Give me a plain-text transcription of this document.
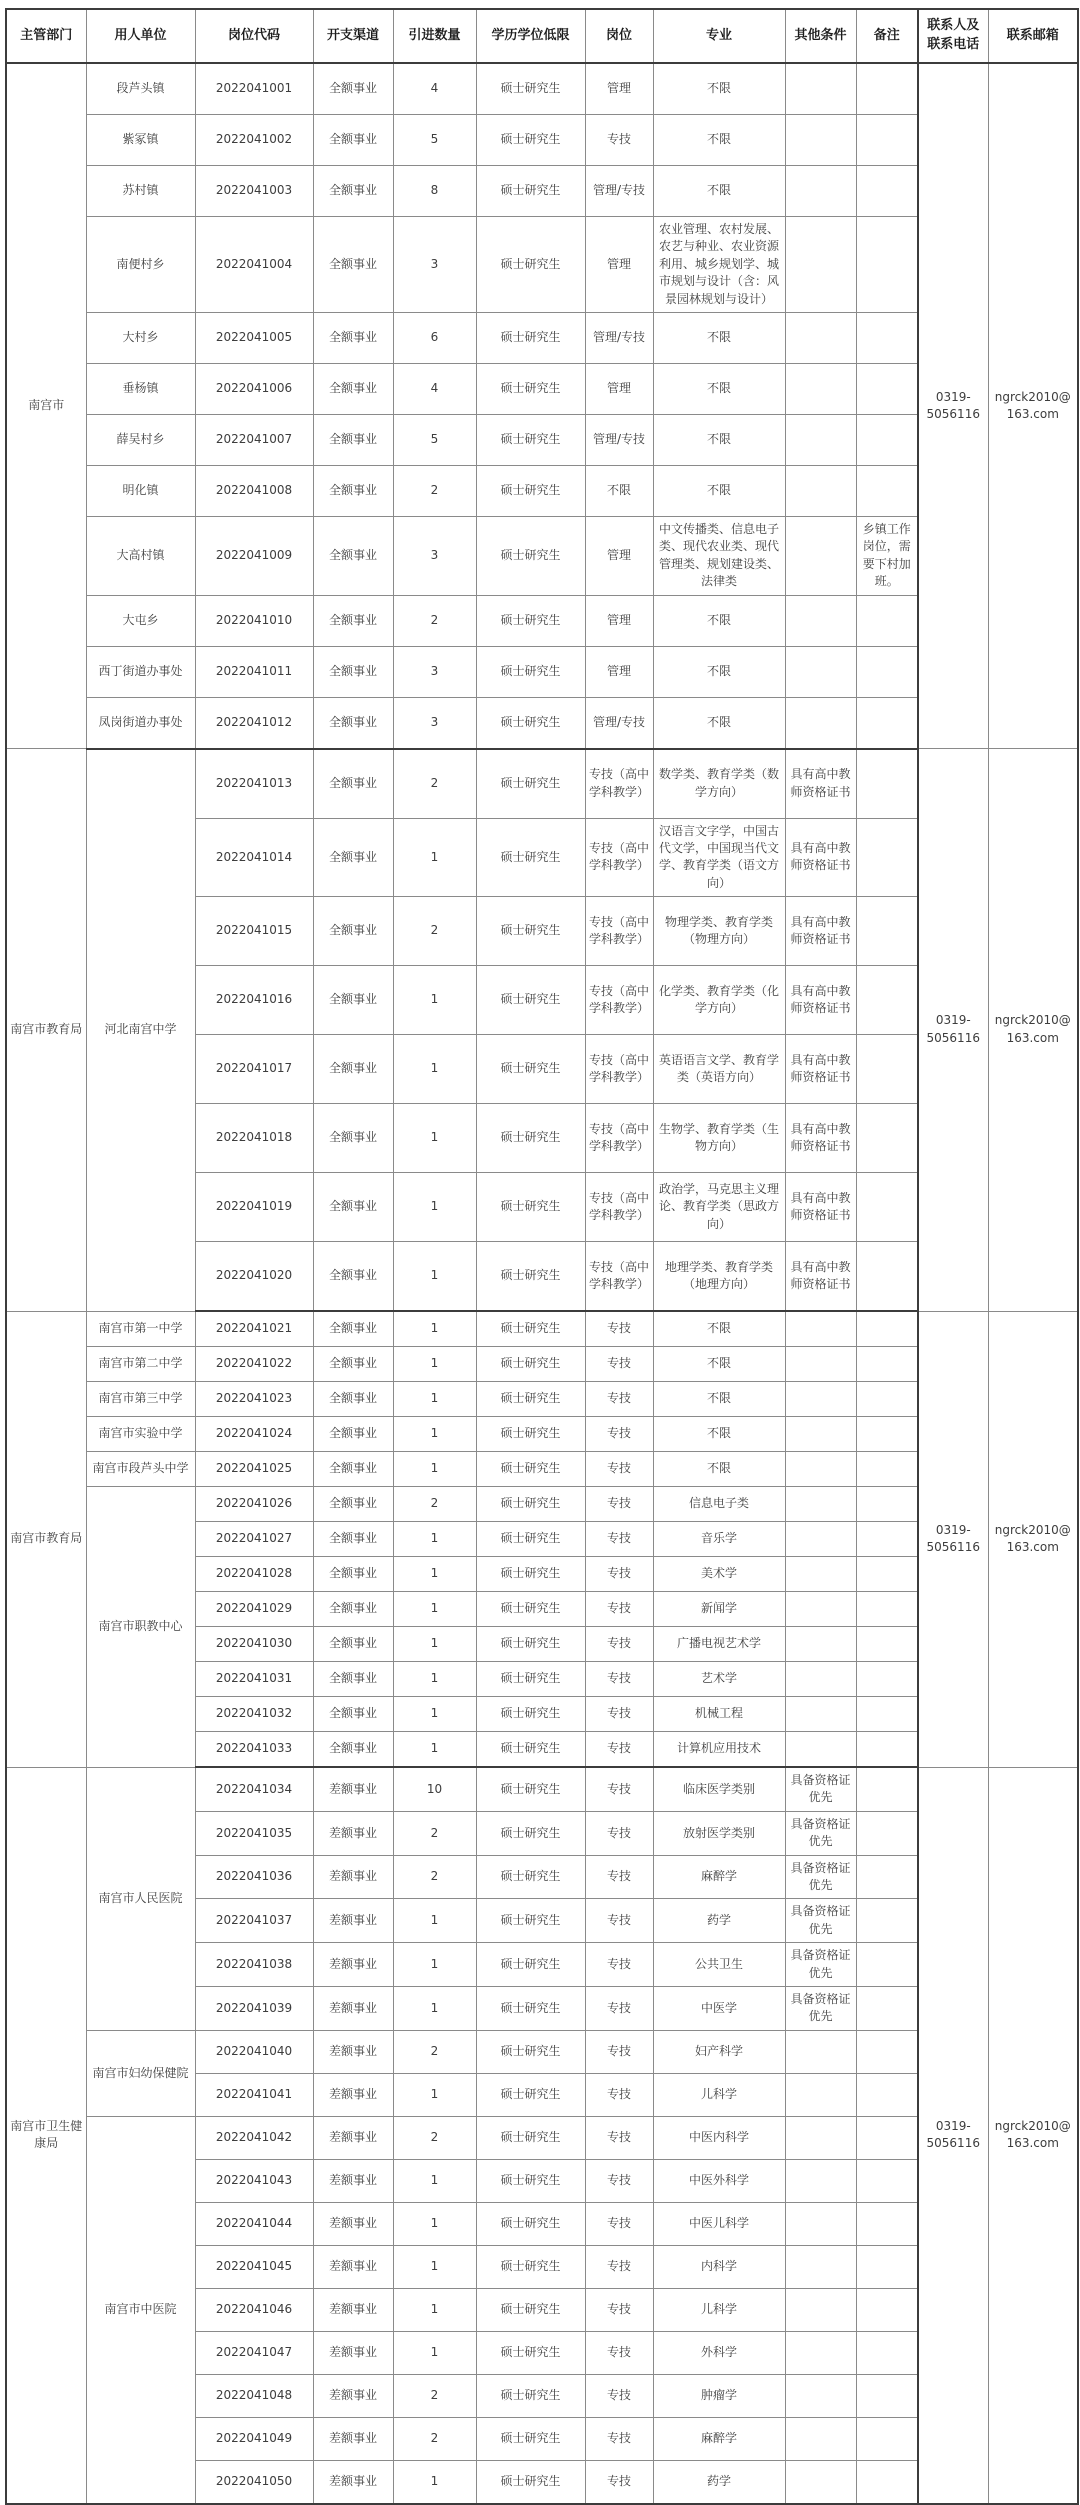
主管部门	用人单位	岗位代码	开支渠道	引进数量	学历学位低限	岗位	专业	其他条件	备注	联系人及联系电话	联系邮箱
南宫市	段芦头镇	2022041001	全额事业	4	硕士研究生	管理	不限			0319-5056116	ngrck2010@163.com
	紫冢镇	2022041002	全额事业	5	硕士研究生	专技	不限				
	苏村镇	2022041003	全额事业	8	硕士研究生	管理/专技	不限				
	南便村乡	2022041004	全额事业	3	硕士研究生	管理	农业管理、农村发展、农艺与种业、农业资源利用、城乡规划学、城市规划与设计（含：风景园林规划与设计）				
	大村乡	2022041005	全额事业	6	硕士研究生	管理/专技	不限				
	垂杨镇	2022041006	全额事业	4	硕士研究生	管理	不限				
	薛吴村乡	2022041007	全额事业	5	硕士研究生	管理/专技	不限				
	明化镇	2022041008	全额事业	2	硕士研究生	不限	不限				
	大高村镇	2022041009	全额事业	3	硕士研究生	管理	中文传播类、信息电子类、现代农业类、现代管理类、规划建设类、法律类		乡镇工作岗位，需要下村加班。		
	大屯乡	2022041010	全额事业	2	硕士研究生	管理	不限				
	西丁街道办事处	2022041011	全额事业	3	硕士研究生	管理	不限				
	凤岗街道办事处	2022041012	全额事业	3	硕士研究生	管理/专技	不限				
南宫市教育局	河北南宫中学	2022041013	全额事业	2	硕士研究生	专技（高中学科教学）	数学类、教育学类（数学方向）	具有高中教师资格证书		0319-5056116	ngrck2010@163.com
		2022041014	全额事业	1	硕士研究生	专技（高中学科教学）	汉语言文字学，中国古代文学，中国现当代文学、教育学类（语文方向）	具有高中教师资格证书			
		2022041015	全额事业	2	硕士研究生	专技（高中学科教学）	物理学类、教育学类（物理方向）	具有高中教师资格证书			
		2022041016	全额事业	1	硕士研究生	专技（高中学科教学）	化学类、教育学类（化学方向）	具有高中教师资格证书			
		2022041017	全额事业	1	硕士研究生	专技（高中学科教学）	英语语言文学、教育学类（英语方向）	具有高中教师资格证书			
		2022041018	全额事业	1	硕士研究生	专技（高中学科教学）	生物学、教育学类（生物方向）	具有高中教师资格证书			
		2022041019	全额事业	1	硕士研究生	专技（高中学科教学）	政治学，马克思主义理论、教育学类（思政方向）	具有高中教师资格证书			
		2022041020	全额事业	1	硕士研究生	专技（高中学科教学）	地理学类、教育学类（地理方向）	具有高中教师资格证书			
南宫市教育局	南宫市第一中学	2022041021	全额事业	1	硕士研究生	专技	不限			0319-5056116	ngrck2010@163.com
	南宫市第二中学	2022041022	全额事业	1	硕士研究生	专技	不限				
	南宫市第三中学	2022041023	全额事业	1	硕士研究生	专技	不限				
	南宫市实验中学	2022041024	全额事业	1	硕士研究生	专技	不限				
	南宫市段芦头中学	2022041025	全额事业	1	硕士研究生	专技	不限				
	南宫市职教中心	2022041026	全额事业	2	硕士研究生	专技	信息电子类				
		2022041027	全额事业	1	硕士研究生	专技	音乐学				
		2022041028	全额事业	1	硕士研究生	专技	美术学				
		2022041029	全额事业	1	硕士研究生	专技	新闻学				
		2022041030	全额事业	1	硕士研究生	专技	广播电视艺术学				
		2022041031	全额事业	1	硕士研究生	专技	艺术学				
		2022041032	全额事业	1	硕士研究生	专技	机械工程				
		2022041033	全额事业	1	硕士研究生	专技	计算机应用技术				
南宫市卫生健康局	南宫市人民医院	2022041034	差额事业	10	硕士研究生	专技	临床医学类别	具备资格证优先		0319-5056116	ngrck2010@163.com
		2022041035	差额事业	2	硕士研究生	专技	放射医学类别	具备资格证优先			
		2022041036	差额事业	2	硕士研究生	专技	麻醉学	具备资格证优先			
		2022041037	差额事业	1	硕士研究生	专技	药学	具备资格证优先			
		2022041038	差额事业	1	硕士研究生	专技	公共卫生	具备资格证优先			
		2022041039	差额事业	1	硕士研究生	专技	中医学	具备资格证优先			
	南宫市妇幼保健院	2022041040	差额事业	2	硕士研究生	专技	妇产科学				
		2022041041	差额事业	1	硕士研究生	专技	儿科学				
	南宫市中医院	2022041042	差额事业	2	硕士研究生	专技	中医内科学				
		2022041043	差额事业	1	硕士研究生	专技	中医外科学				
		2022041044	差额事业	1	硕士研究生	专技	中医儿科学				
		2022041045	差额事业	1	硕士研究生	专技	内科学				
		2022041046	差额事业	1	硕士研究生	专技	儿科学				
		2022041047	差额事业	1	硕士研究生	专技	外科学				
		2022041048	差额事业	2	硕士研究生	专技	肿瘤学				
		2022041049	差额事业	2	硕士研究生	专技	麻醉学				
		2022041050	差额事业	1	硕士研究生	专技	药学				
